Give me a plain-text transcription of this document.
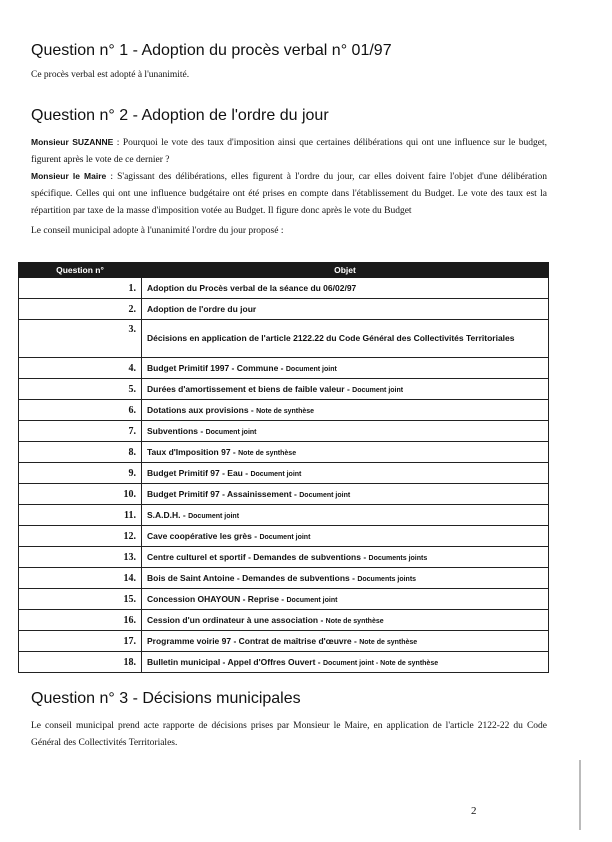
Question n° 1 - Adoption du procès verbal n° 01/97

Ce procès verbal est adopté à l'unanimité.

Question n° 2 - Adoption de l'ordre du jour

Monsieur SUZANNE : Pourquoi le vote des taux d'imposition ainsi que certaines délibérations qui ont une influence sur le budget, figurent après le vote de ce dernier ?

Monsieur le Maire : S'agissant des délibérations, elles figurent à l'ordre du jour, car elles doivent faire l'objet d'une délibération spécifique. Celles qui ont une influence budgétaire ont été prises en compte dans l'établissement du Budget. Le vote des taux est la répartition par taxe de la masse d'imposition votée au Budget. Il figure donc après le vote du Budget

Le conseil municipal adopte à l'unanimité l'ordre du jour proposé :

Question n°	Objet
1.	Adoption du Procès verbal de la séance du 06/02/97
2.	Adoption de l'ordre du jour
3.	Décisions en application de l'article 2122.22 du Code Général des Collectivités Territoriales

4.	Budget Primitif 1997 - Commune - Document joint
5.	Durées d'amortissement et biens de faible valeur - Document joint
6.	Dotations aux provisions - Note de synthèse
7.	Subventions - Document joint
8.	Taux d'Imposition 97 - Note de synthèse
9.	Budget Primitif 97 - Eau - Document joint
10.	Budget Primitif 97 - Assainissement - Document joint
11.	S.A.D.H. - Document joint
12.	Cave coopérative les grès - Document joint
13.	Centre culturel et sportif - Demandes de subventions - Documents joints
14.	Bois de Saint Antoine - Demandes de subventions - Documents joints
15.	Concession OHAYOUN - Reprise - Document joint
16.	Cession d'un ordinateur à une association - Note de synthèse
17.	Programme voirie 97 - Contrat de maîtrise d'œuvre - Note de synthèse
18.	Bulletin municipal - Appel d'Offres Ouvert - Document joint - Note de synthèse
Question n° 3 - Décisions municipales

Le conseil municipal prend acte rapporte de décisions prises par Monsieur le Maire, en application de l'article 2122-22 du Code Général des Collectivités Territoriales.

2
